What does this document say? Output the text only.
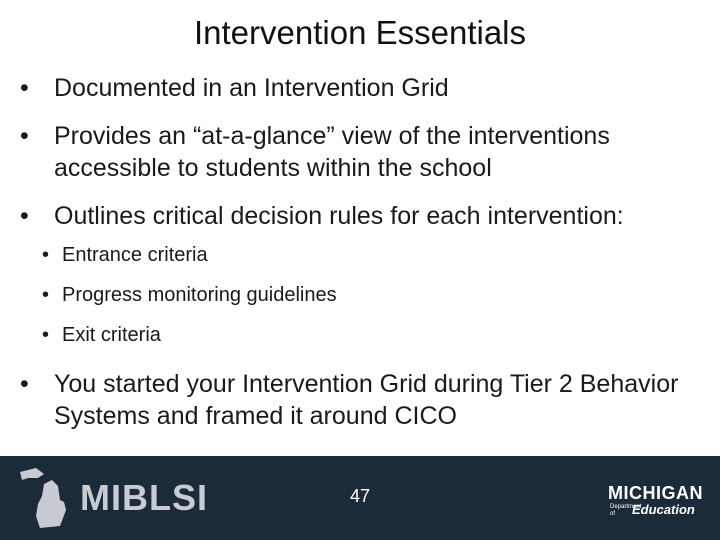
Intervention Essentials
• Documented in an Intervention Grid
• Provides an “at-a-glance” view of the interventions accessible to students within the school
• Outlines critical decision rules for each intervention:
• Entrance criteria
• Progress monitoring guidelines
• Exit criteria
• You started your Intervention Grid during Tier 2 Behavior Systems and framed it around CICO
MIBLSI	47	MICHIGAN
Department of	Education
